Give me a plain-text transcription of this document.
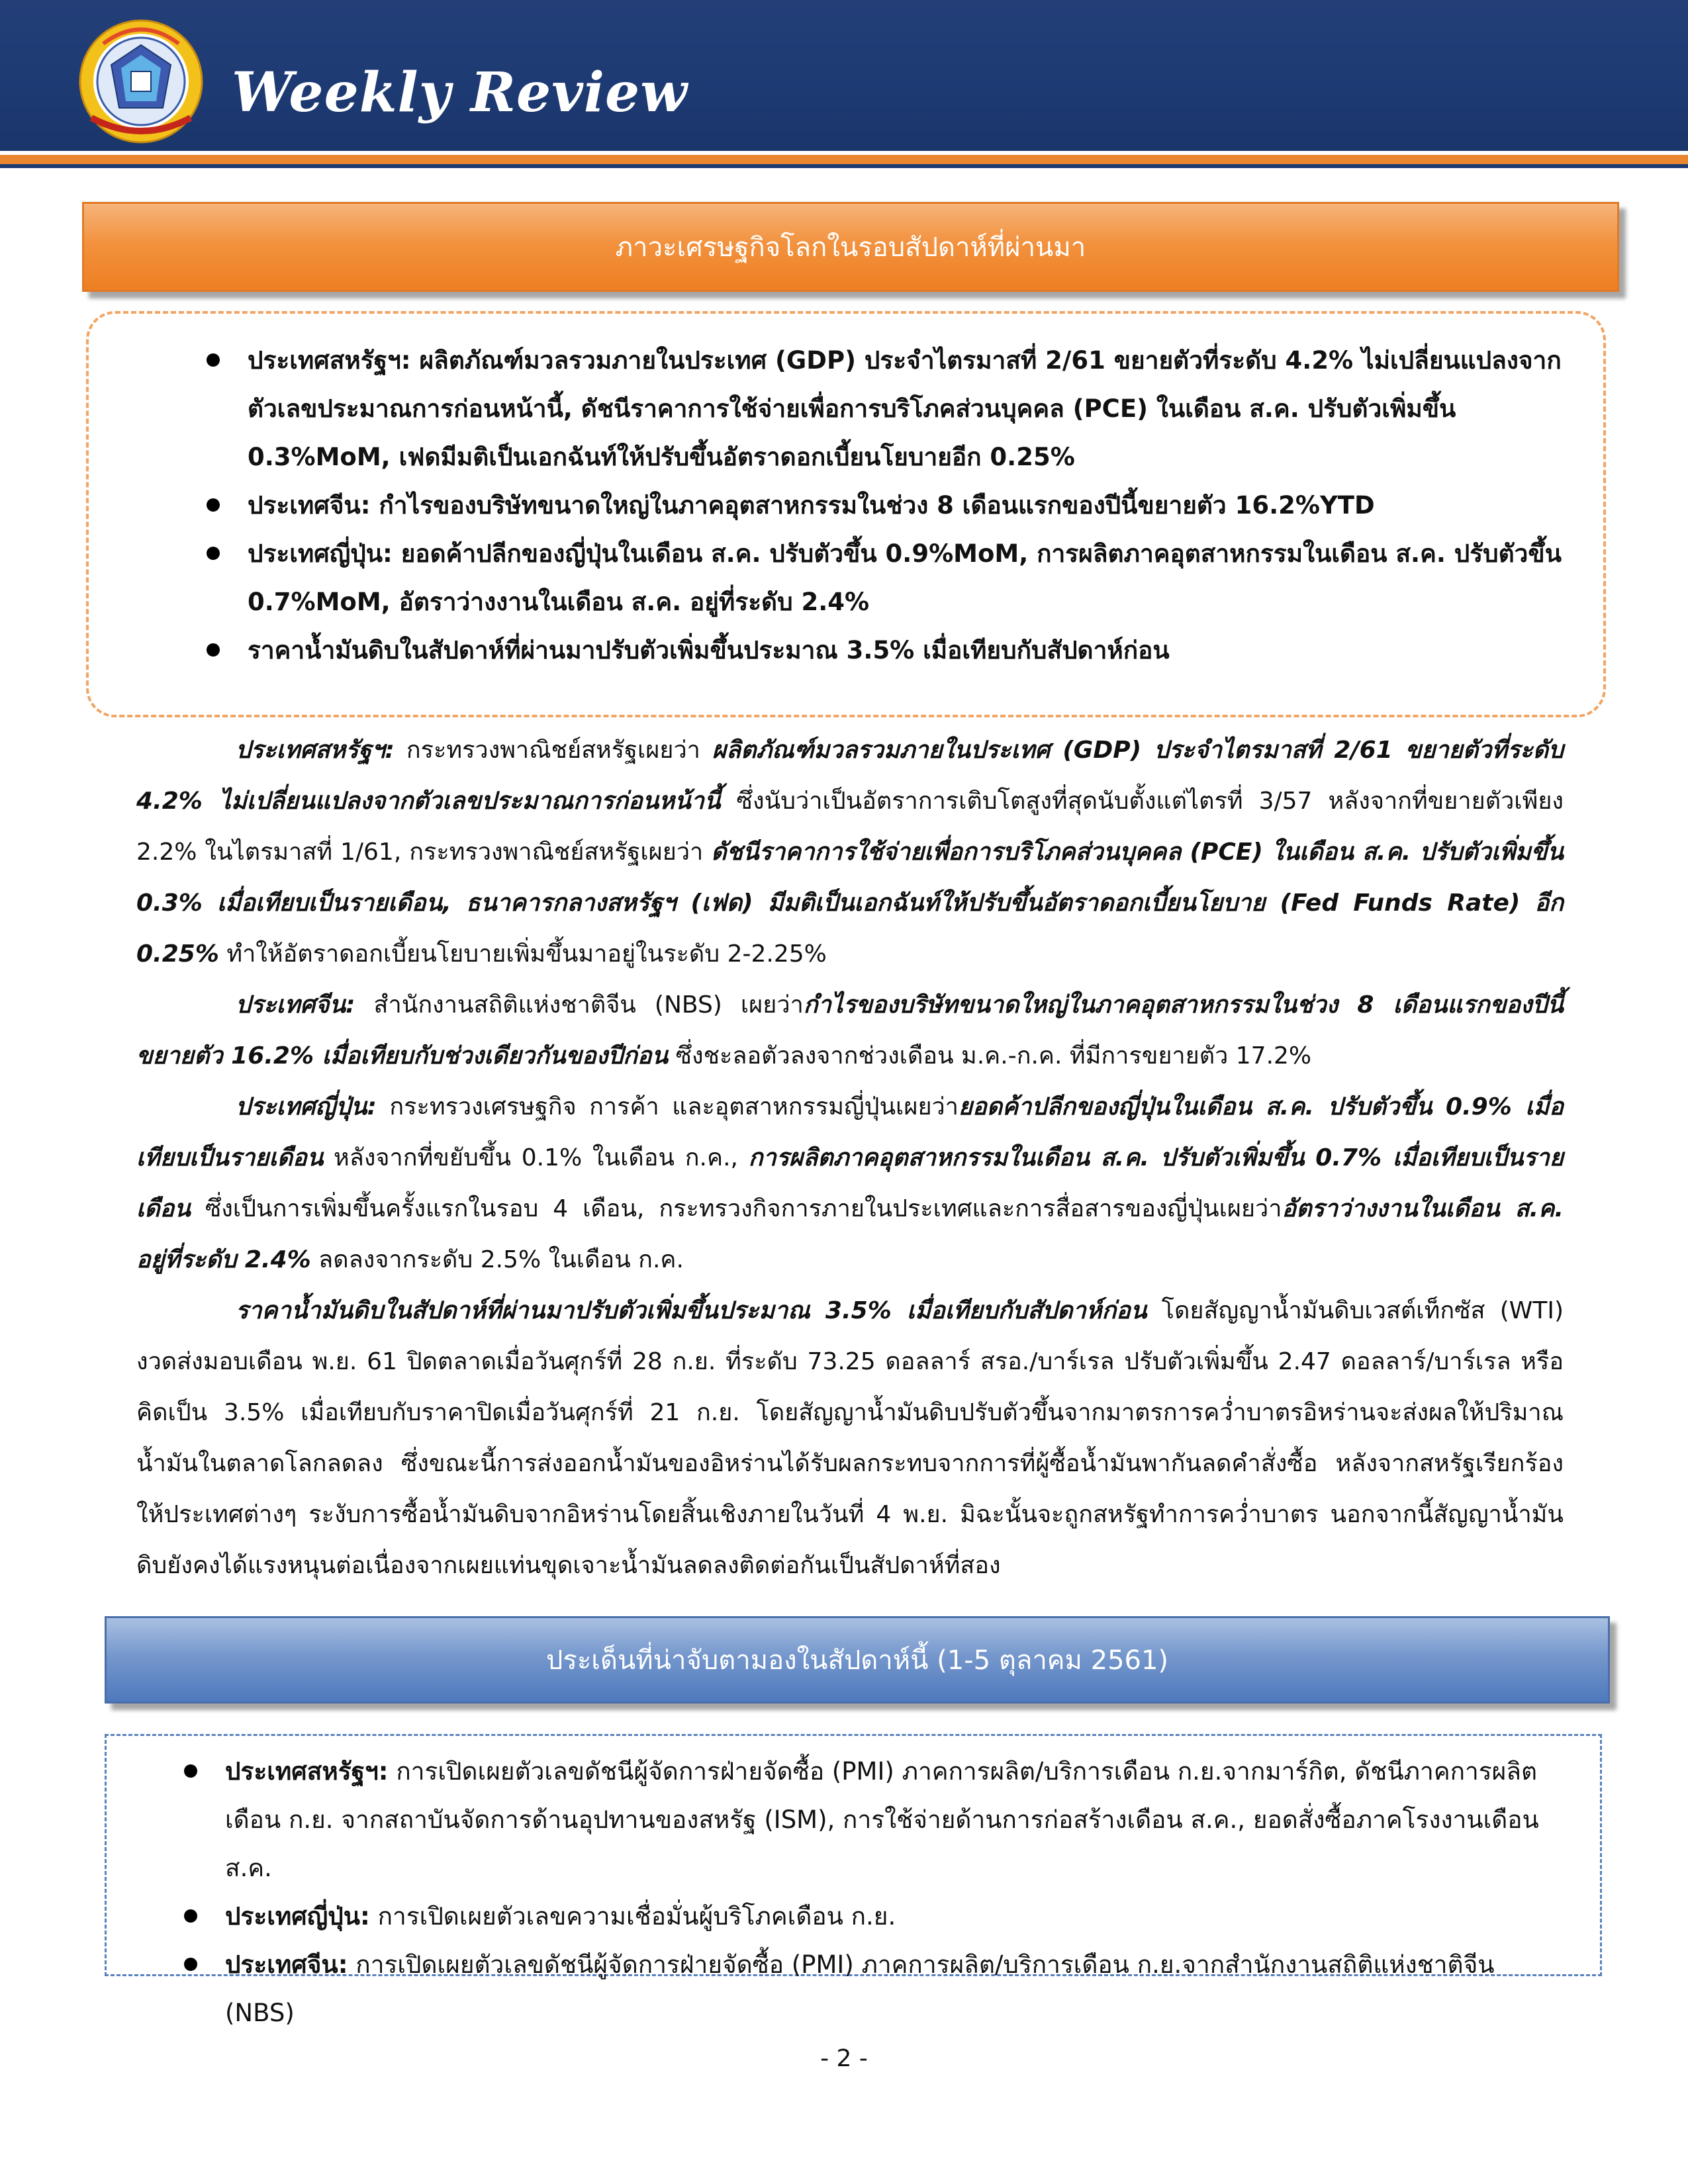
Weekly Review
ภาวะเศรษฐกิจโลกในรอบสัปดาห์ที่ผ่านมา
ประเทศสหรัฐฯ: ผลิตภัณฑ์มวลรวมภายในประเทศ (GDP) ประจำไตรมาสที่ 2/61 ขยายตัวที่ระดับ 4.2% ไม่เปลี่ยนแปลงจาก ตัวเลขประมาณการก่อนหน้านี้, ดัชนีราคาการใช้จ่ายเพื่อการบริโภคส่วนบุคคล (PCE) ในเดือน ส.ค. ปรับตัวเพิ่มขึ้น 0.3%MoM, เฟดมีมติเป็นเอกฉันท์ให้ปรับขึ้นอัตราดอกเบี้ยนโยบายอีก 0.25%
ประเทศจีน: กำไรของบริษัทขนาดใหญ่ในภาคอุตสาหกรรมในช่วง 8 เดือนแรกของปีนี้ขยายตัว 16.2%YTD
ประเทศญี่ปุ่น: ยอดค้าปลีกของญี่ปุ่นในเดือน ส.ค. ปรับตัวขึ้น 0.9%MoM, การผลิตภาคอุตสาหกรรมในเดือน ส.ค. ปรับตัวขึ้น 0.7%MoM, อัตราว่างงานในเดือน ส.ค. อยู่ที่ระดับ 2.4%
ราคาน้ำมันดิบในสัปดาห์ที่ผ่านมาปรับตัวเพิ่มขึ้นประมาณ 3.5% เมื่อเทียบกับสัปดาห์ก่อน

ประเทศสหรัฐฯ: กระทรวงพาณิชย์สหรัฐเผยว่า ผลิตภัณฑ์มวลรวมภายในประเทศ (GDP) ประจำไตรมาสที่ 2/61 ขยายตัวที่ระดับ 4.2% ไม่เปลี่ยนแปลงจากตัวเลขประมาณการก่อนหน้านี้ ซึ่งนับว่าเป็นอัตราการเติบโตสูงที่สุดนับตั้งแต่ไตรที่ 3/57 หลังจากที่ขยายตัวเพียง 2.2% ในไตรมาสที่ 1/61, กระทรวงพาณิชย์สหรัฐเผยว่า ดัชนีราคาการใช้จ่ายเพื่อการบริโภคส่วนบุคคล (PCE) ในเดือน ส.ค. ปรับตัวเพิ่มขึ้น 0.3% เมื่อเทียบเป็นรายเดือน, ธนาคารกลางสหรัฐฯ (เฟด) มีมติเป็นเอกฉันท์ให้ปรับขึ้นอัตราดอกเบี้ยนโยบาย (Fed Funds Rate) อีก 0.25% ทำให้อัตราดอกเบี้ยนโยบายเพิ่มขึ้นมาอยู่ในระดับ 2-2.25%

ประเทศจีน: สำนักงานสถิติแห่งชาติจีน (NBS) เผยว่ากำไรของบริษัทขนาดใหญ่ในภาคอุตสาหกรรมในช่วง 8 เดือนแรกของปีนี้ขยายตัว 16.2% เมื่อเทียบกับช่วงเดียวกันของปีก่อน ซึ่งชะลอตัวลงจากช่วงเดือน ม.ค.-ก.ค. ที่มีการขยายตัว 17.2%

ประเทศญี่ปุ่น: กระทรวงเศรษฐกิจ การค้า และอุตสาหกรรมญี่ปุ่นเผยว่ายอดค้าปลีกของญี่ปุ่นในเดือน ส.ค. ปรับตัวขึ้น 0.9% เมื่อเทียบเป็นรายเดือน หลังจากที่ขยับขึ้น 0.1% ในเดือน ก.ค., การผลิตภาคอุตสาหกรรมในเดือน ส.ค. ปรับตัวเพิ่มขึ้น 0.7% เมื่อเทียบเป็นรายเดือน ซึ่งเป็นการเพิ่มขึ้นครั้งแรกในรอบ 4 เดือน, กระทรวงกิจการภายในประเทศและการสื่อสารของญี่ปุ่นเผยว่าอัตราว่างงานในเดือน ส.ค. อยู่ที่ระดับ 2.4% ลดลงจากระดับ 2.5% ในเดือน ก.ค.

ราคาน้ำมันดิบในสัปดาห์ที่ผ่านมาปรับตัวเพิ่มขึ้นประมาณ 3.5% เมื่อเทียบกับสัปดาห์ก่อน โดยสัญญาน้ำมันดิบเวสต์เท็กซัส (WTI) งวดส่งมอบเดือน พ.ย. 61 ปิดตลาดเมื่อวันศุกร์ที่ 28 ก.ย. ที่ระดับ 73.25 ดอลลาร์ สรอ./บาร์เรล ปรับตัวเพิ่มขึ้น 2.47 ดอลลาร์/บาร์เรล หรือคิดเป็น 3.5% เมื่อเทียบกับราคาปิดเมื่อวันศุกร์ที่ 21 ก.ย. โดยสัญญาน้ำมันดิบปรับตัวขึ้นจากมาตรการคว่ำบาตรอิหร่านจะส่งผลให้ปริมาณน้ำมันในตลาดโลกลดลง ซึ่งขณะนี้การส่งออกน้ำมันของอิหร่านได้รับผลกระทบจากการที่ผู้ซื้อน้ำมันพากันลดคำสั่งซื้อ หลังจากสหรัฐเรียกร้องให้ประเทศต่างๆ ระงับการซื้อน้ำมันดิบจากอิหร่านโดยสิ้นเชิงภายในวันที่ 4 พ.ย. มิฉะนั้นจะถูกสหรัฐทำการคว่ำบาตร นอกจากนี้สัญญาน้ำมันดิบยังคงได้แรงหนุนต่อเนื่องจากเผยแท่นขุดเจาะน้ำมันลดลงติดต่อกันเป็นสัปดาห์ที่สอง

ประเด็นที่น่าจับตามองในสัปดาห์นี้ (1-5 ตุลาคม 2561)
ประเทศสหรัฐฯ: การเปิดเผยตัวเลขดัชนีผู้จัดการฝ่ายจัดซื้อ (PMI) ภาคการผลิต/บริการเดือน ก.ย.จากมาร์กิต, ดัชนีภาคการผลิตเดือน ก.ย. จากสถาบันจัดการด้านอุปทานของสหรัฐ (ISM), การใช้จ่ายด้านการก่อสร้างเดือน ส.ค., ยอดสั่งซื้อภาคโรงงานเดือน ส.ค.
ประเทศญี่ปุ่น: การเปิดเผยตัวเลขความเชื่อมั่นผู้บริโภคเดือน ก.ย.
ประเทศจีน: การเปิดเผยตัวเลขดัชนีผู้จัดการฝ่ายจัดซื้อ (PMI) ภาคการผลิต/บริการเดือน ก.ย.จากสำนักงานสถิติแห่งชาติจีน (NBS)
- 2 -
